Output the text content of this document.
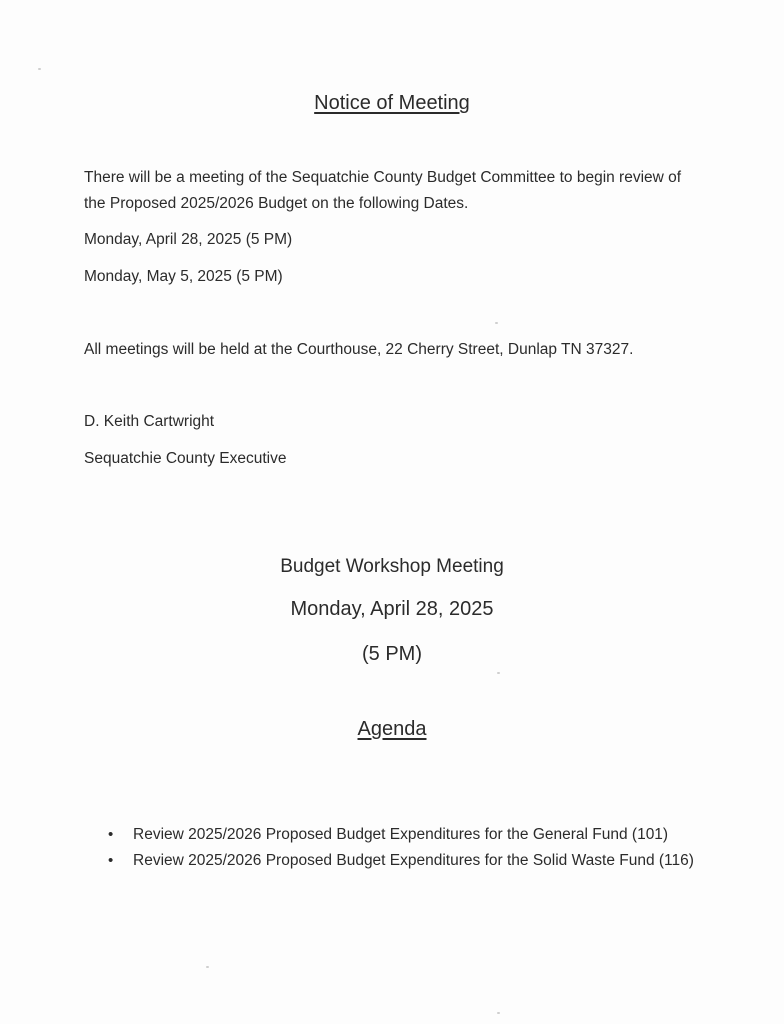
Notice of Meeting
There will be a meeting of the Sequatchie County Budget Committee to begin review of the Proposed 2025/2026 Budget on the following Dates.
Monday, April 28, 2025 (5 PM)
Monday, May 5, 2025 (5 PM)
All meetings will be held at the Courthouse, 22 Cherry Street, Dunlap TN 37327.
D. Keith Cartwright
Sequatchie County Executive
Budget Workshop Meeting
Monday, April 28, 2025
(5 PM)
Agenda
• Review 2025/2026 Proposed Budget Expenditures for the General Fund (101)
• Review 2025/2026 Proposed Budget Expenditures for the Solid Waste Fund (116)
